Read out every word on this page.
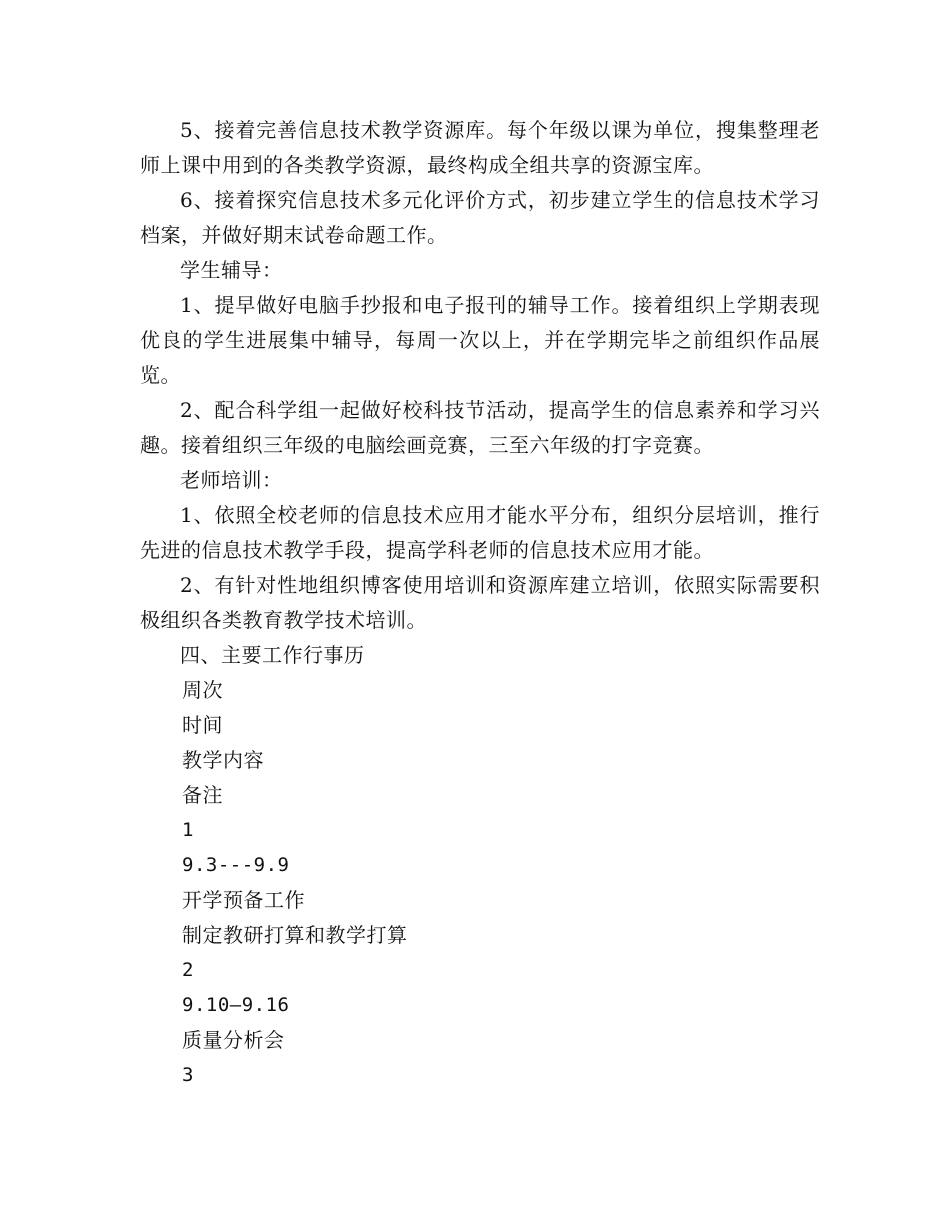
5、接着完善信息技术教学资源库。每个年级以课为单位，搜集整理老师上课中用到的各类教学资源，最终构成全组共享的资源宝库。

6、接着探究信息技术多元化评价方式，初步建立学生的信息技术学习档案，并做好期末试卷命题工作。

学生辅导：

1、提早做好电脑手抄报和电子报刊的辅导工作。接着组织上学期表现优良的学生进展集中辅导，每周一次以上，并在学期完毕之前组织作品展览。

2、配合科学组一起做好校科技节活动，提高学生的信息素养和学习兴趣。接着组织三年级的电脑绘画竞赛，三至六年级的打字竞赛。

老师培训：

1、依照全校老师的信息技术应用才能水平分布，组织分层培训，推行先进的信息技术教学手段，提高学科老师的信息技术应用才能。

2、有针对性地组织博客使用培训和资源库建立培训，依照实际需要积极组织各类教育教学技术培训。

四、主要工作行事历

周次

时间

教学内容

备注

1

9.3---9.9

开学预备工作

制定教研打算和教学打算

2

9.10—9.16

质量分析会

3
